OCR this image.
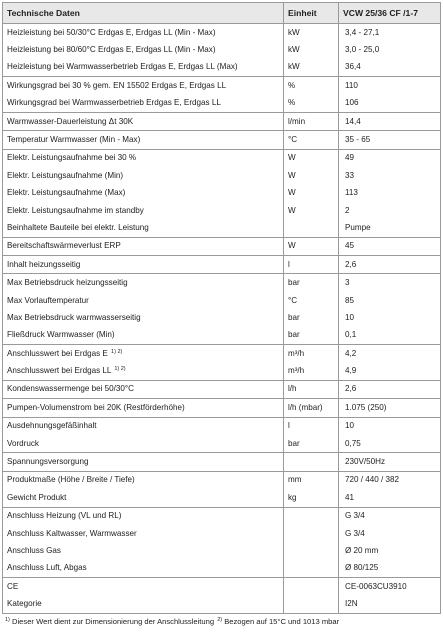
Technische Daten	Einheit	VCW 25/36 CF /1-7
Heizleistung bei 50/30°C Erdgas E, Erdgas LL (Min - Max)	kW	3,4 - 27,1
Heizleistung bei 80/60°C Erdgas E, Erdgas LL (Min - Max)	kW	3,0 - 25,0
Heizleistung bei Warmwasserbetrieb Erdgas E, Erdgas LL (Max)	kW	36,4
Wirkungsgrad bei 30 % gem. EN 15502 Erdgas E, Erdgas LL	%	110
Wirkungsgrad bei Warmwasserbetrieb Erdgas E, Erdgas LL	%	106
Warmwasser-Dauerleistung Δt 30K	l/min	14,4
Temperatur Warmwasser (Min - Max)	°C	35 - 65
Elektr. Leistungsaufnahme bei 30 %	W	49
Elektr. Leistungsaufnahme (Min)	W	33
Elektr. Leistungsaufnahme (Max)	W	113
Elektr. Leistungsaufnahme im standby	W	2
Beinhaltete Bauteile bei elektr. Leistung		Pumpe
Bereitschaftswärmeverlust ERP	W	45
Inhalt heizungsseitig	l	2,6
Max Betriebsdruck heizungsseitig	bar	3
Max Vorlauftemperatur	°C	85
Max Betriebsdruck warmwasserseitig	bar	10
Fließdruck Warmwasser (Min)	bar	0,1
Anschlusswert bei Erdgas E $^{1) 2)}$	m³/h	4,2
Anschlusswert bei Erdgas LL $^{1) 2)}$	m³/h	4,9
Kondenswassermenge bei 50/30°C	l/h	2,6
Pumpen-Volumenstrom bei 20K (Restförderhöhe)	l/h (mbar)	1.075 (250)
Ausdehnungsgefäßinhalt	l	10
Vordruck	bar	0,75
Spannungsversorgung		230V/50Hz
Produktmaße (Höhe / Breite / Tiefe)	mm	720 / 440 / 382
Gewicht Produkt	kg	41
Anschluss Heizung (VL und RL)		G 3/4
Anschluss Kaltwasser, Warmwasser		G 3/4
Anschluss Gas		Ø 20 mm
Anschluss Luft, Abgas		Ø 80/125
CE		CE-0063CU3910
Kategorie		I2N
$^{1)}$ Dieser Wert dient zur Dimensionierung der Anschlussleitung $^{2)}$ Bezogen auf 15°C und 1013 mbar
